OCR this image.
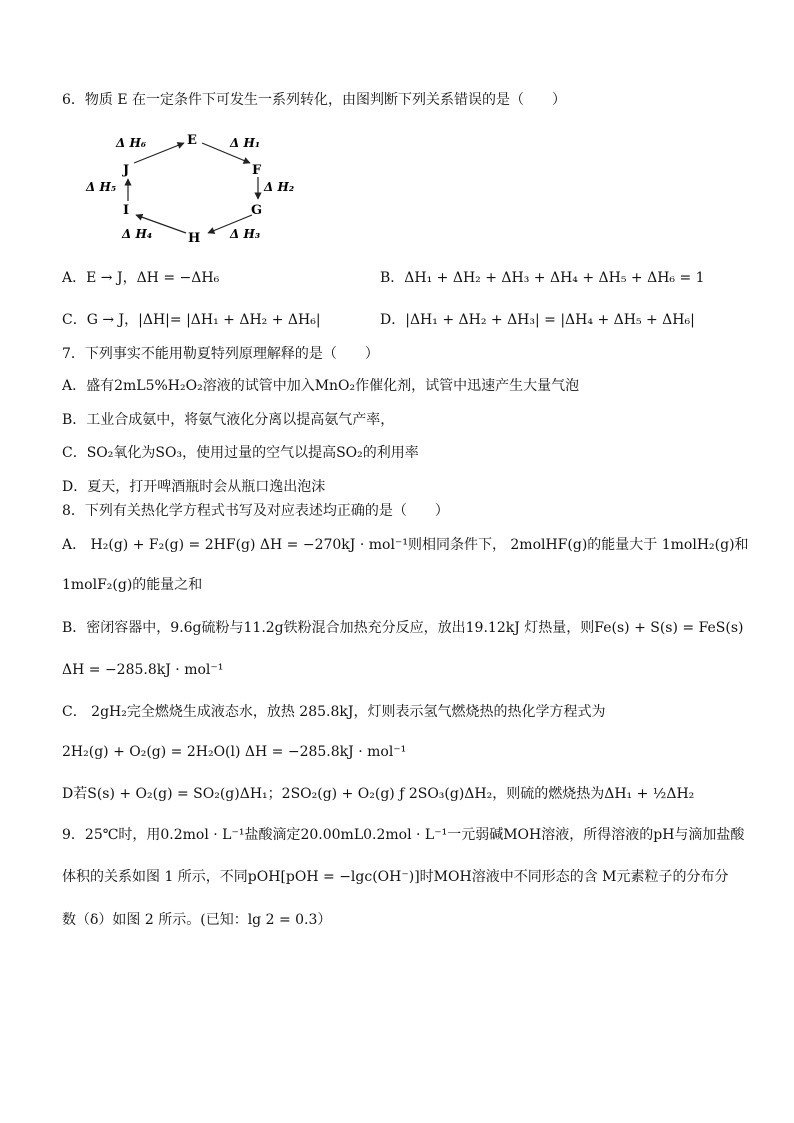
6．物质 E 在一定条件下可发生一系列转化，由图判断下列关系错误的是（　　）
E
F
G
H
I
J
Δ H₁
Δ H₂
Δ H₃
Δ H₄
Δ H₅
Δ H₆
A．E → J，ΔH = −ΔH₆	B．ΔH₁ + ΔH₂ + ΔH₃ + ΔH₄ + ΔH₅ + ΔH₆ = 1
C．G → J，|ΔH|= |ΔH₁ + ΔH₂ + ΔH₆|	D．|ΔH₁ + ΔH₂ + ΔH₃| = |ΔH₄ + ΔH₅ + ΔH₆|
7．下列事实不能用勒夏特列原理解释的是（　　）
A．盛有2mL5%H₂O₂溶液的试管中加入MnO₂作催化剂，试管中迅速产生大量气泡
B．工业合成氨中，将氨气液化分离以提高氨气产率，
C．SO₂氧化为SO₃，使用过量的空气以提高SO₂的利用率
D．夏天，打开啤酒瓶时会从瓶口逸出泡沫
8．下列有关热化学方程式书写及对应表述均正确的是（　　）
A． H₂(g) + F₂(g) = 2HF(g) ΔH = −270kJ · mol⁻¹则相同条件下， 2molHF(g)的能量大于 1molH₂(g)和
1molF₂(g)的能量之和
B．密闭容器中，9.6g硫粉与11.2g铁粉混合加热充分反应，放出19.12kJ 灯热量，则Fe(s) + S(s) = FeS(s)
ΔH = −285.8kJ · mol⁻¹
C． 2gH₂完全燃烧生成液态水，放热 285.8kJ，灯则表示氢气燃烧热的热化学方程式为
2H₂(g) + O₂(g) = 2H₂O(l) ΔH = −285.8kJ · mol⁻¹
D若S(s) + O₂(g) = SO₂(g)ΔH₁；2SO₂(g) + O₂(g) ƒ 2SO₃(g)ΔH₂，则硫的燃烧热为ΔH₁ + ½ΔH₂
9．25℃时，用0.2mol · L⁻¹盐酸滴定20.00mL0.2mol · L⁻¹一元弱碱MOH溶液，所得溶液的pH与滴加盐酸
体积的关系如图 1 所示，不同pOH[pOH = −lgc(OH⁻)]时MOH溶液中不同形态的含 M元素粒子的分布分
数（δ）如图 2 所示。(已知：lg 2 = 0.3）
